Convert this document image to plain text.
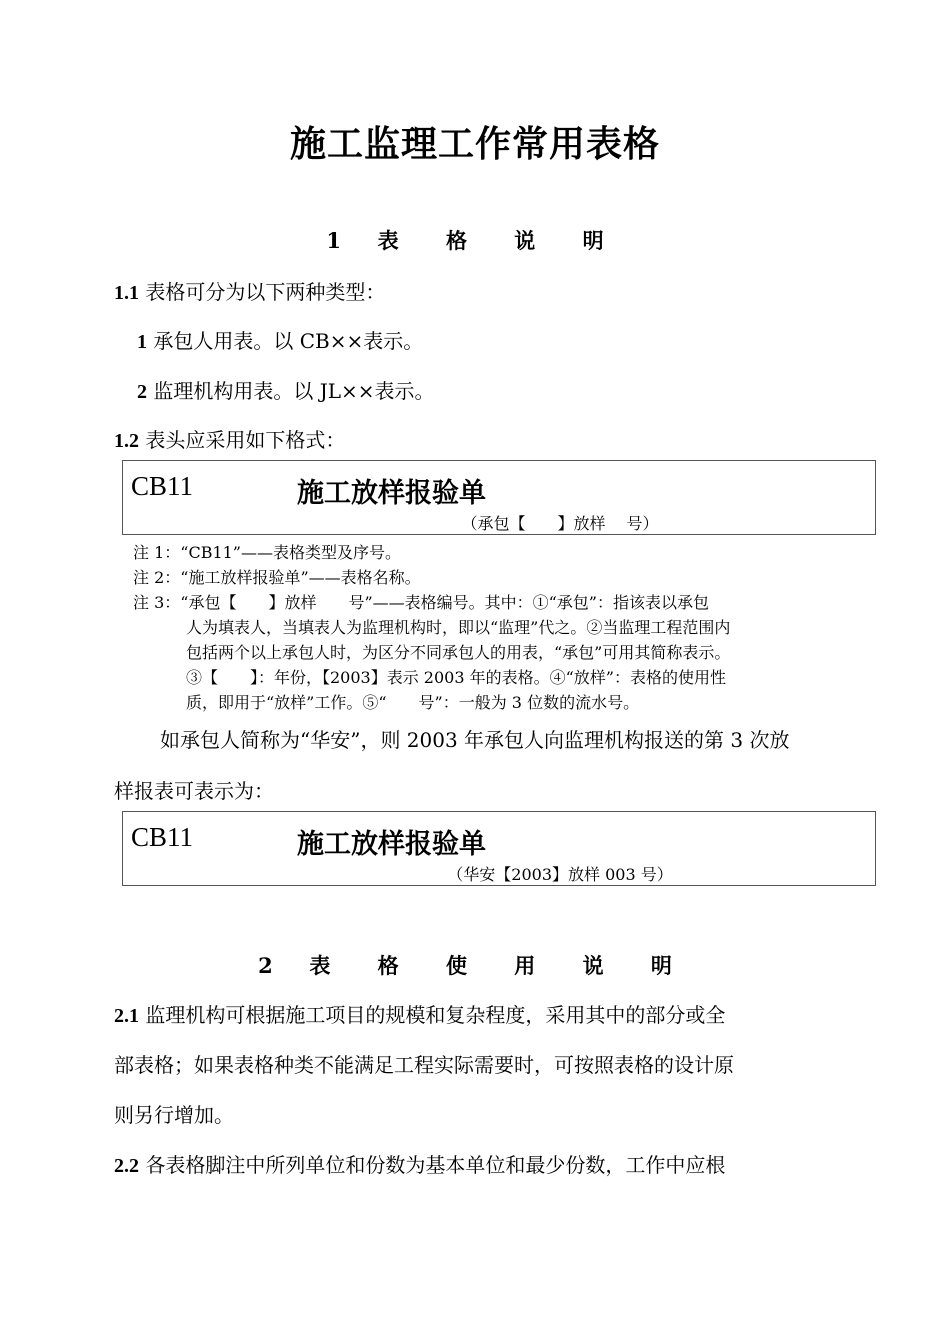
施工监理工作常用表格
1 表 格 说 明
1.1 表格可分为以下两种类型：
1 承包人用表。以 CB××表示。
2 监理机构用表。以 JL××表示。
1.2 表头应采用如下格式：
CB11	施工放样报验单
（承包【　　】放样　 号）
注 1：“CB11”——表格类型及序号。
注 2：“施工放样报验单”——表格名称。
注 3：“承包【　　】放样　　号”——表格编号。其中：①“承包”：指该表以承包
人为填表人，当填表人为监理机构时，即以“监理”代之。②当监理工程范围内
包括两个以上承包人时，为区分不同承包人的用表，“承包”可用其简称表示。
③【　　】：年份，【2003】表示 2003 年的表格。④“放样”：表格的使用性
质，即用于“放样”工作。⑤“　　号”：一般为 3 位数的流水号。
如承包人简称为“华安”，则 2003 年承包人向监理机构报送的第 3 次放
样报表可表示为：
CB11	施工放样报验单
（华安【2003】放样 003 号）
2 表 格 使 用 说 明
2.1 监理机构可根据施工项目的规模和复杂程度，采用其中的部分或全
部表格；如果表格种类不能满足工程实际需要时，可按照表格的设计原
则另行增加。
2.2 各表格脚注中所列单位和份数为基本单位和最少份数，工作中应根
